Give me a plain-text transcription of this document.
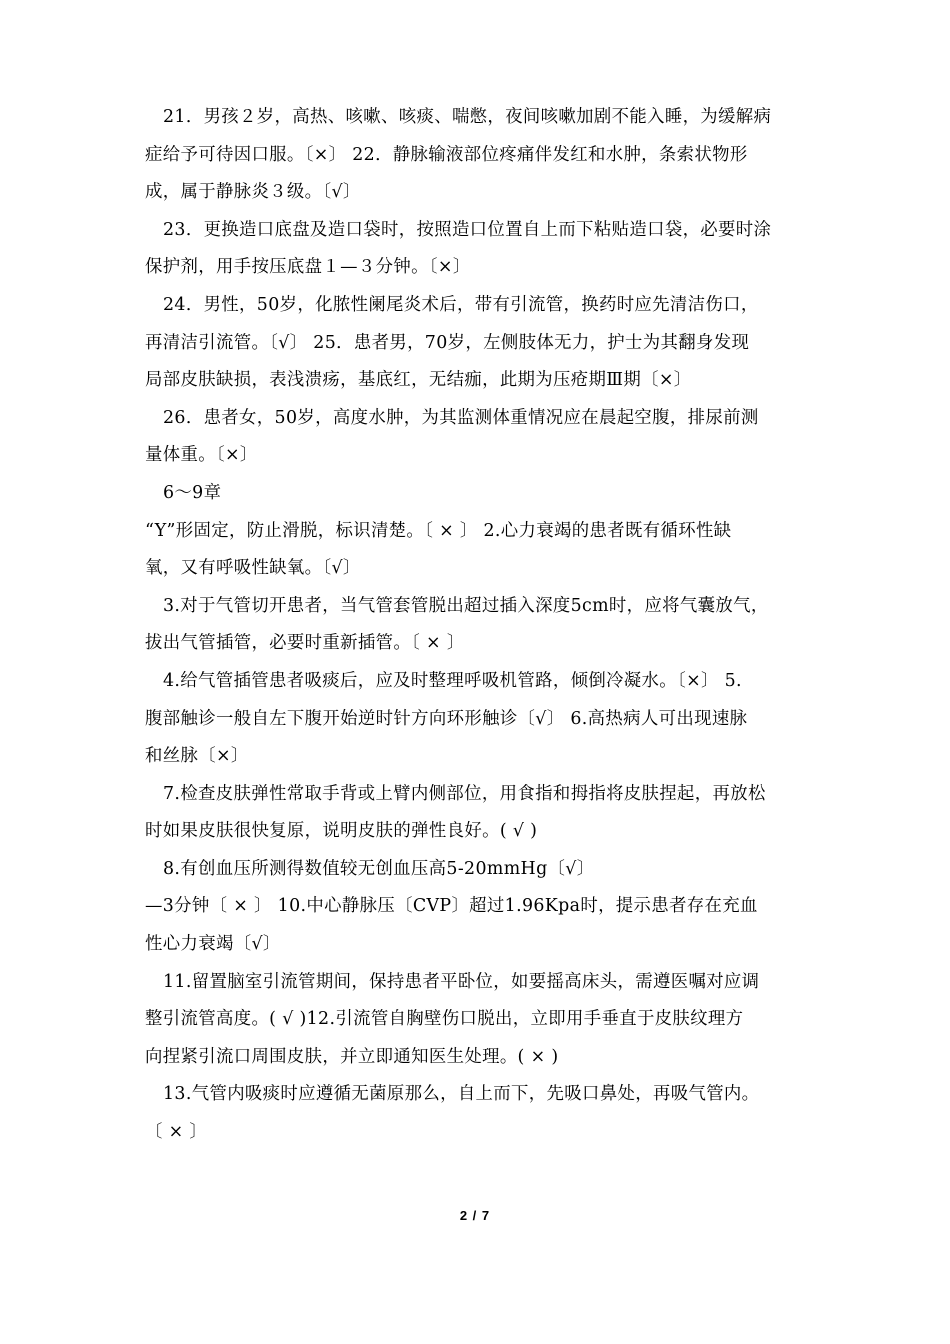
21．男孩２岁，高热、咳嗽、咳痰、喘憋，夜间咳嗽加剧不能入睡，为缓解病
症给予可待因口服。〔×〕 22．静脉输液部位疼痛伴发红和水肿，条索状物形
成，属于静脉炎３级。〔√〕
23．更换造口底盘及造口袋时，按照造口位置自上而下粘贴造口袋，必要时涂
保护剂，用手按压底盘１—３分钟。〔×〕
24．男性，50岁，化脓性阑尾炎术后，带有引流管，换药时应先清洁伤口，
再清洁引流管。〔√〕 25．患者男，70岁，左侧肢体无力，护士为其翻身发现
局部皮肤缺损，表浅溃疡，基底红，无结痂，此期为压疮期Ⅲ期〔×〕
26．患者女，50岁，高度水肿，为其监测体重情况应在晨起空腹，排尿前测
量体重。〔×〕
6～9章
“Y”形固定，防止滑脱，标识清楚。〔 × 〕 2.心力衰竭的患者既有循环性缺
氧，又有呼吸性缺氧。〔√〕
3.对于气管切开患者，当气管套管脱出超过插入深度5cm时，应将气囊放气，
拔出气管插管，必要时重新插管。〔 × 〕
4.给气管插管患者吸痰后，应及时整理呼吸机管路，倾倒冷凝水。〔×〕 5.
腹部触诊一般自左下腹开始逆时针方向环形触诊〔√〕 6.高热病人可出现速脉
和丝脉〔×〕
7.检查皮肤弹性常取手背或上臂内侧部位，用食指和拇指将皮肤捏起，再放松
时如果皮肤很快复原，说明皮肤的弹性良好。( √ )
8.有创血压所测得数值较无创血压高5-20mmHg〔√〕
—3分钟〔 × 〕 10.中心静脉压〔CVP〕超过1.96Kpa时，提示患者存在充血
性心力衰竭〔√〕
11.留置脑室引流管期间，保持患者平卧位，如要摇高床头，需遵医嘱对应调
整引流管高度。( √ )12.引流管自胸壁伤口脱出，立即用手垂直于皮肤纹理方
向捏紧引流口周围皮肤，并立即通知医生处理。( × )
13.气管内吸痰时应遵循无菌原那么，自上而下，先吸口鼻处，再吸气管内。
〔 × 〕
2 / 7
